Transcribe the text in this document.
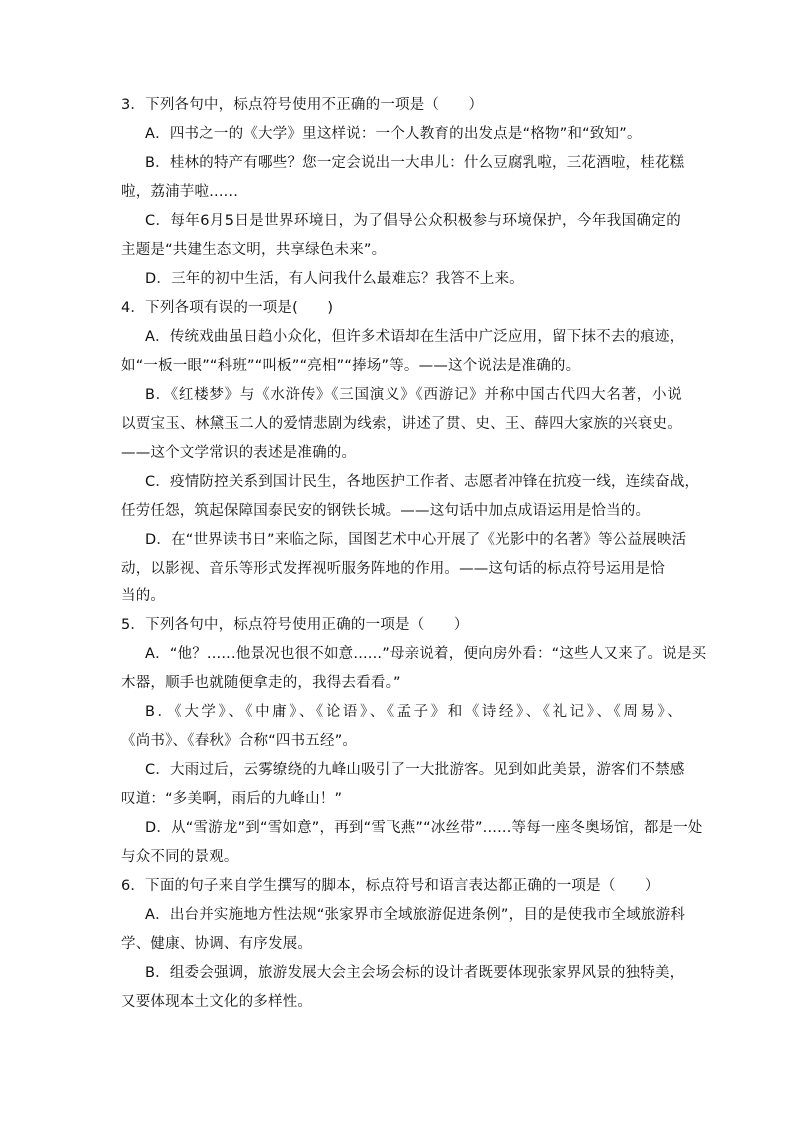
3．下列各句中，标点符号使用不正确的一项是（　　）
A．四书之一的《大学》里这样说：一个人教育的出发点是“格物”和“致知”。
B．桂林的特产有哪些？您一定会说出一大串儿：什么豆腐乳啦，三花酒啦，桂花糕
啦，荔浦芋啦......
C．每年6月5日是世界环境日，为了倡导公众积极参与环境保护，今年我国确定的
主题是“共建生态文明，共享绿色未来”。
D．三年的初中生活，有人问我什么最难忘？我答不上来。
4．下列各项有误的一项是(　　)
A．传统戏曲虽日趋小众化，但许多术语却在生活中广泛应用，留下抹不去的痕迹，
如“一板一眼”“科班”“叫板”“亮相”“捧场”等。——这个说法是准确的。
B．《红楼梦》与《水浒传》《三国演义》《西游记》并称中国古代四大名著，小说
以贾宝玉、林黛玉二人的爱情悲剧为线索，讲述了贯、史、王、薛四大家族的兴衰史。
——这个文学常识的表述是准确的。
C．疫情防控关系到国计民生，各地医护工作者、志愿者冲锋在抗疫一线，连续奋战，
任劳任怨，筑起保障国泰民安的钢铁长城。——这句话中加点成语运用是恰当的。
D．在“世界读书日”来临之际，国图艺术中心开展了《光影中的名著》等公益展映活
动，以影视、音乐等形式发挥视听服务阵地的作用。——这句话的标点符号运用是恰
当的。
5．下列各句中，标点符号使用正确的一项是（　　）
A．“他？......他景况也很不如意......”母亲说着，便向房外看：“这些人又来了。说是买
木器，顺手也就随便拿走的，我得去看看。”
B．《大学》、《中庸》、《论语》、《孟子》和《诗经》、《礼记》、《周易》、
《尚书》、《春秋》合称“四书五经”。
C．大雨过后，云雾缭绕的九峰山吸引了一大批游客。见到如此美景，游客们不禁感
叹道：“多美啊，雨后的九峰山！”
D．从“雪游龙”到“雪如意”，再到“雪飞燕”“冰丝带”......等每一座冬奥场馆，都是一处
与众不同的景观。
6．下面的句子来自学生撰写的脚本，标点符号和语言表达都正确的一项是（　　）
A．出台并实施地方性法规“张家界市全域旅游促进条例”，目的是使我市全域旅游科
学、健康、协调、有序发展。
B．组委会强调，旅游发展大会主会场会标的设计者既要体现张家界风景的独特美，
又要体现本土文化的多样性。
